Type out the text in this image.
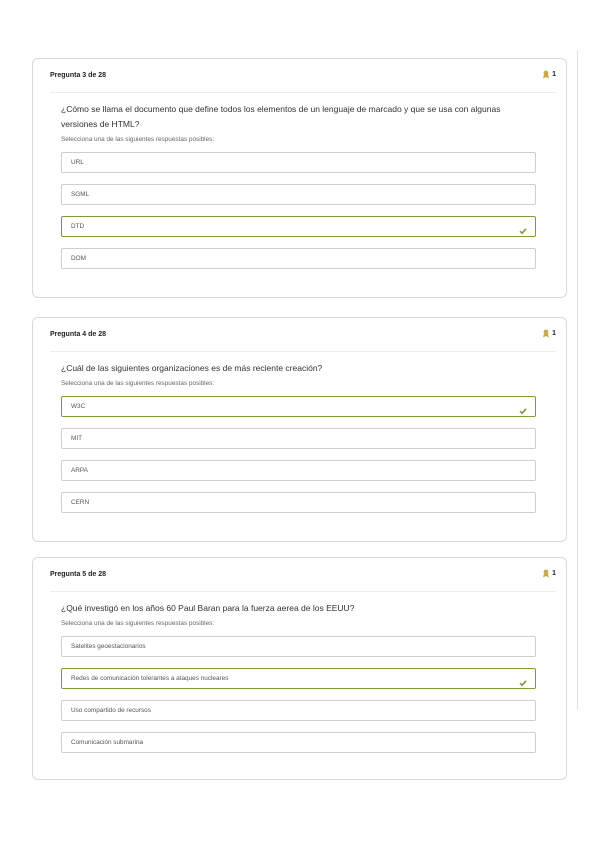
Pregunta 3 de 28	1

¿Cómo se llama el documento que define todos los elementos de un lenguaje de marcado y que se usa con algunas versiones de HTML?

Selecciona una de las siguientes respuestas posibles:
URL
SGML
DTD
DOM
Pregunta 4 de 28	1

¿Cuál de las siguientes organizaciones es de más reciente creación?

Selecciona una de las siguientes respuestas posibles:
W3C
MIT
ARPA
CERN
Pregunta 5 de 28	1

¿Qué investigó en los años 60 Paul Baran para la fuerza aerea de los EEUU?

Selecciona una de las siguientes respuestas posibles:
Satelites geoestacionarios
Redes de comunicación tolerantes a ataques nucleares
Uso compartido de recursos
Comunicación submarina
